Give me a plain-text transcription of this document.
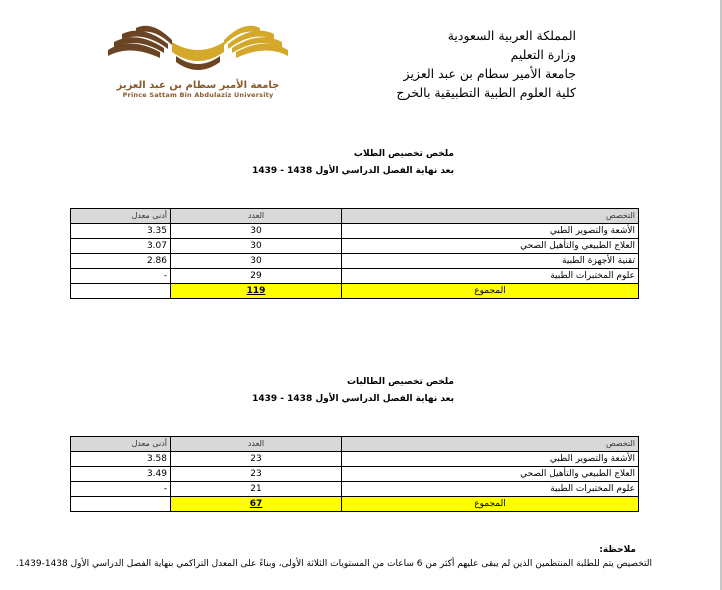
جامعة الأمير سطام بن عبد العزيز
Prince Sattam Bin Abdulaziz University
المملكة العربية السعودية
وزارة التعليم
جامعة الأمير سطام بن عبد العزيز
كلية العلوم الطبية التطبيقية بالخرج
ملخص تخصيص الطلاب
بعد نهاية الفصل الدراسي الأول 1438 - 1439
أدنى معدل	العدد	التخصص
3.35	30	الأشعة والتصوير الطبي
3.07	30	العلاج الطبيعي والتأهيل الصحي
2.86	30	تقنية الأجهزة الطبية
-	29	علوم المختبرات الطبية
	119	المجموع
ملخص تخصيص الطالبات
بعد نهاية الفصل الدراسي الأول 1438 - 1439
أدنى معدل	العدد	التخصص
3.58	23	الأشعة والتصوير الطبي
3.49	23	العلاج الطبيعي والتأهيل الصحي
-	21	علوم المختبرات الطبية
	67	المجموع
ملاحظة:
التخصيص يتم للطلبة المنتظمين الذين لم يبقى عليهم أكثر من 6 ساعات من المستويات الثلاثة الأولى، وبناءً على المعدل التراكمي بنهاية الفصل الدراسي الأول 1438-1439.
